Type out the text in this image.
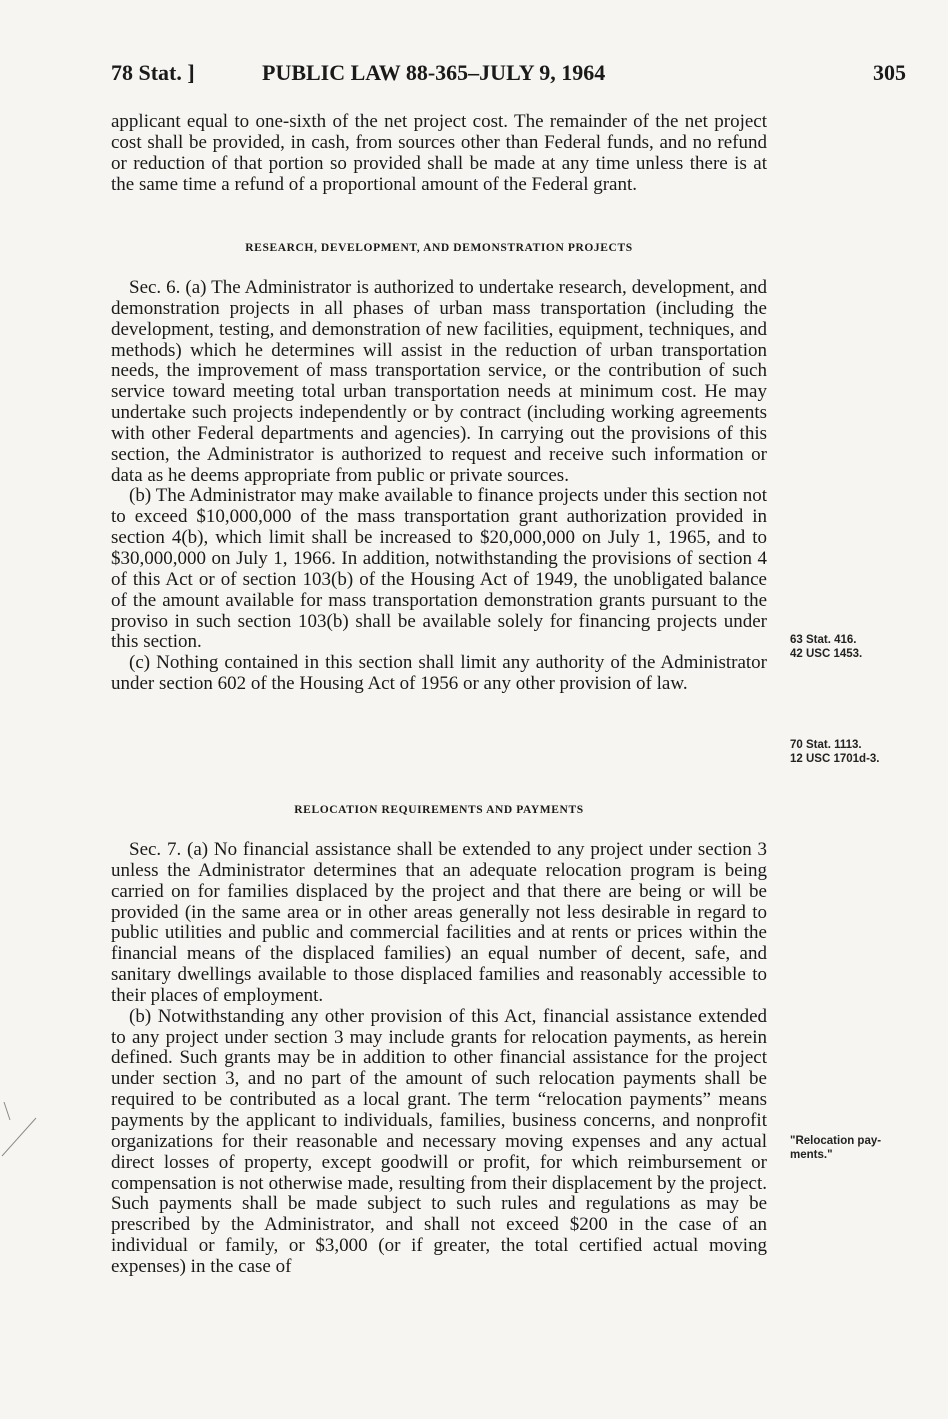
78 Stat. ]	PUBLIC LAW 88-365–JULY 9, 1964	305

applicant equal to one-sixth of the net project cost. The remainder of the net project cost shall be provided, in cash, from sources other than Federal funds, and no refund or reduction of that portion so provided shall be made at any time unless there is at the same time a refund of a proportional amount of the Federal grant.

RESEARCH, DEVELOPMENT, AND DEMONSTRATION PROJECTS

Sec. 6. (a) The Administrator is authorized to undertake research, development, and demonstration projects in all phases of urban mass transportation (including the development, testing, and demonstration of new facilities, equipment, techniques, and methods) which he determines will assist in the reduction of urban transportation needs, the improvement of mass transportation service, or the contribution of such service toward meeting total urban transportation needs at minimum cost. He may undertake such projects independently or by contract (including working agreements with other Federal departments and agencies). In carrying out the provisions of this section, the Administrator is authorized to request and receive such information or data as he deems appropriate from public or private sources.

(b) The Administrator may make available to finance projects under this section not to exceed $10,000,000 of the mass transportation grant authorization provided in section 4(b), which limit shall be increased to $20,000,000 on July 1, 1965, and to $30,000,000 on July 1, 1966. In addition, notwithstanding the provisions of section 4 of this Act or of section 103(b) of the Housing Act of 1949, the unobligated balance of the amount available for mass transportation demonstration grants pursuant to the proviso in such section 103(b) shall be available solely for financing projects under this section.

(c) Nothing contained in this section shall limit any authority of the Administrator under section 602 of the Housing Act of 1956 or any other provision of law.

RELOCATION REQUIREMENTS AND PAYMENTS

Sec. 7. (a) No financial assistance shall be extended to any project under section 3 unless the Administrator determines that an adequate relocation program is being carried on for families displaced by the project and that there are being or will be provided (in the same area or in other areas generally not less desirable in regard to public utilities and public and commercial facilities and at rents or prices within the financial means of the displaced families) an equal number of decent, safe, and sanitary dwellings available to those displaced families and reasonably accessible to their places of employment.

(b) Notwithstanding any other provision of this Act, financial assistance extended to any project under section 3 may include grants for relocation payments, as herein defined. Such grants may be in addition to other financial assistance for the project under section 3, and no part of the amount of such relocation payments shall be required to be contributed as a local grant. The term “relocation payments” means payments by the applicant to individuals, families, business concerns, and nonprofit organizations for their reasonable and necessary moving expenses and any actual direct losses of property, except goodwill or profit, for which reimbursement or compensation is not otherwise made, resulting from their displacement by the project. Such payments shall be made subject to such rules and regulations as may be prescribed by the Administrator, and shall not exceed $200 in the case of an individual or family, or $3,000 (or if greater, the total certified actual moving expenses) in the case of

63 Stat. 416.
42 USC 1453.
70 Stat. 1113.
12 USC 1701d-3.
"Relocation pay-
ments."
